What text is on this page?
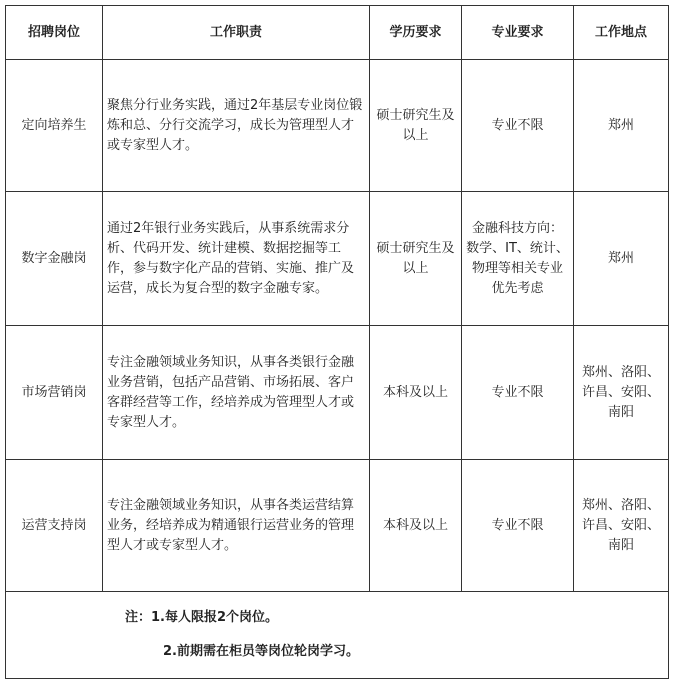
招聘岗位	工作职责	学历要求	专业要求	工作地点
定向培养生	聚焦分行业务实践，通过2年基层专业岗位锻炼和总、分行交流学习，成长为管理型人才或专家型人才。	硕士研究生及以上	专业不限	郑州
数字金融岗	通过2年银行业务实践后，从事系统需求分析、代码开发、统计建模、数据挖掘等工作，参与数字化产品的营销、实施、推广及运营，成长为复合型的数字金融专家。	硕士研究生及以上	金融科技方向：数学、IT、统计、物理等相关专业优先考虑	郑州
市场营销岗	专注金融领域业务知识，从事各类银行金融业务营销，包括产品营销、市场拓展、客户客群经营等工作，经培养成为管理型人才或专家型人才。	本科及以上	专业不限	郑州、洛阳、许昌、安阳、南阳
运营支持岗	专注金融领域业务知识，从事各类运营结算业务，经培养成为精通银行运营业务的管理型人才或专家型人才。	本科及以上	专业不限	郑州、洛阳、许昌、安阳、南阳

注：1.每人限报2个岗位。
2.前期需在柜员等岗位轮岗学习。				
